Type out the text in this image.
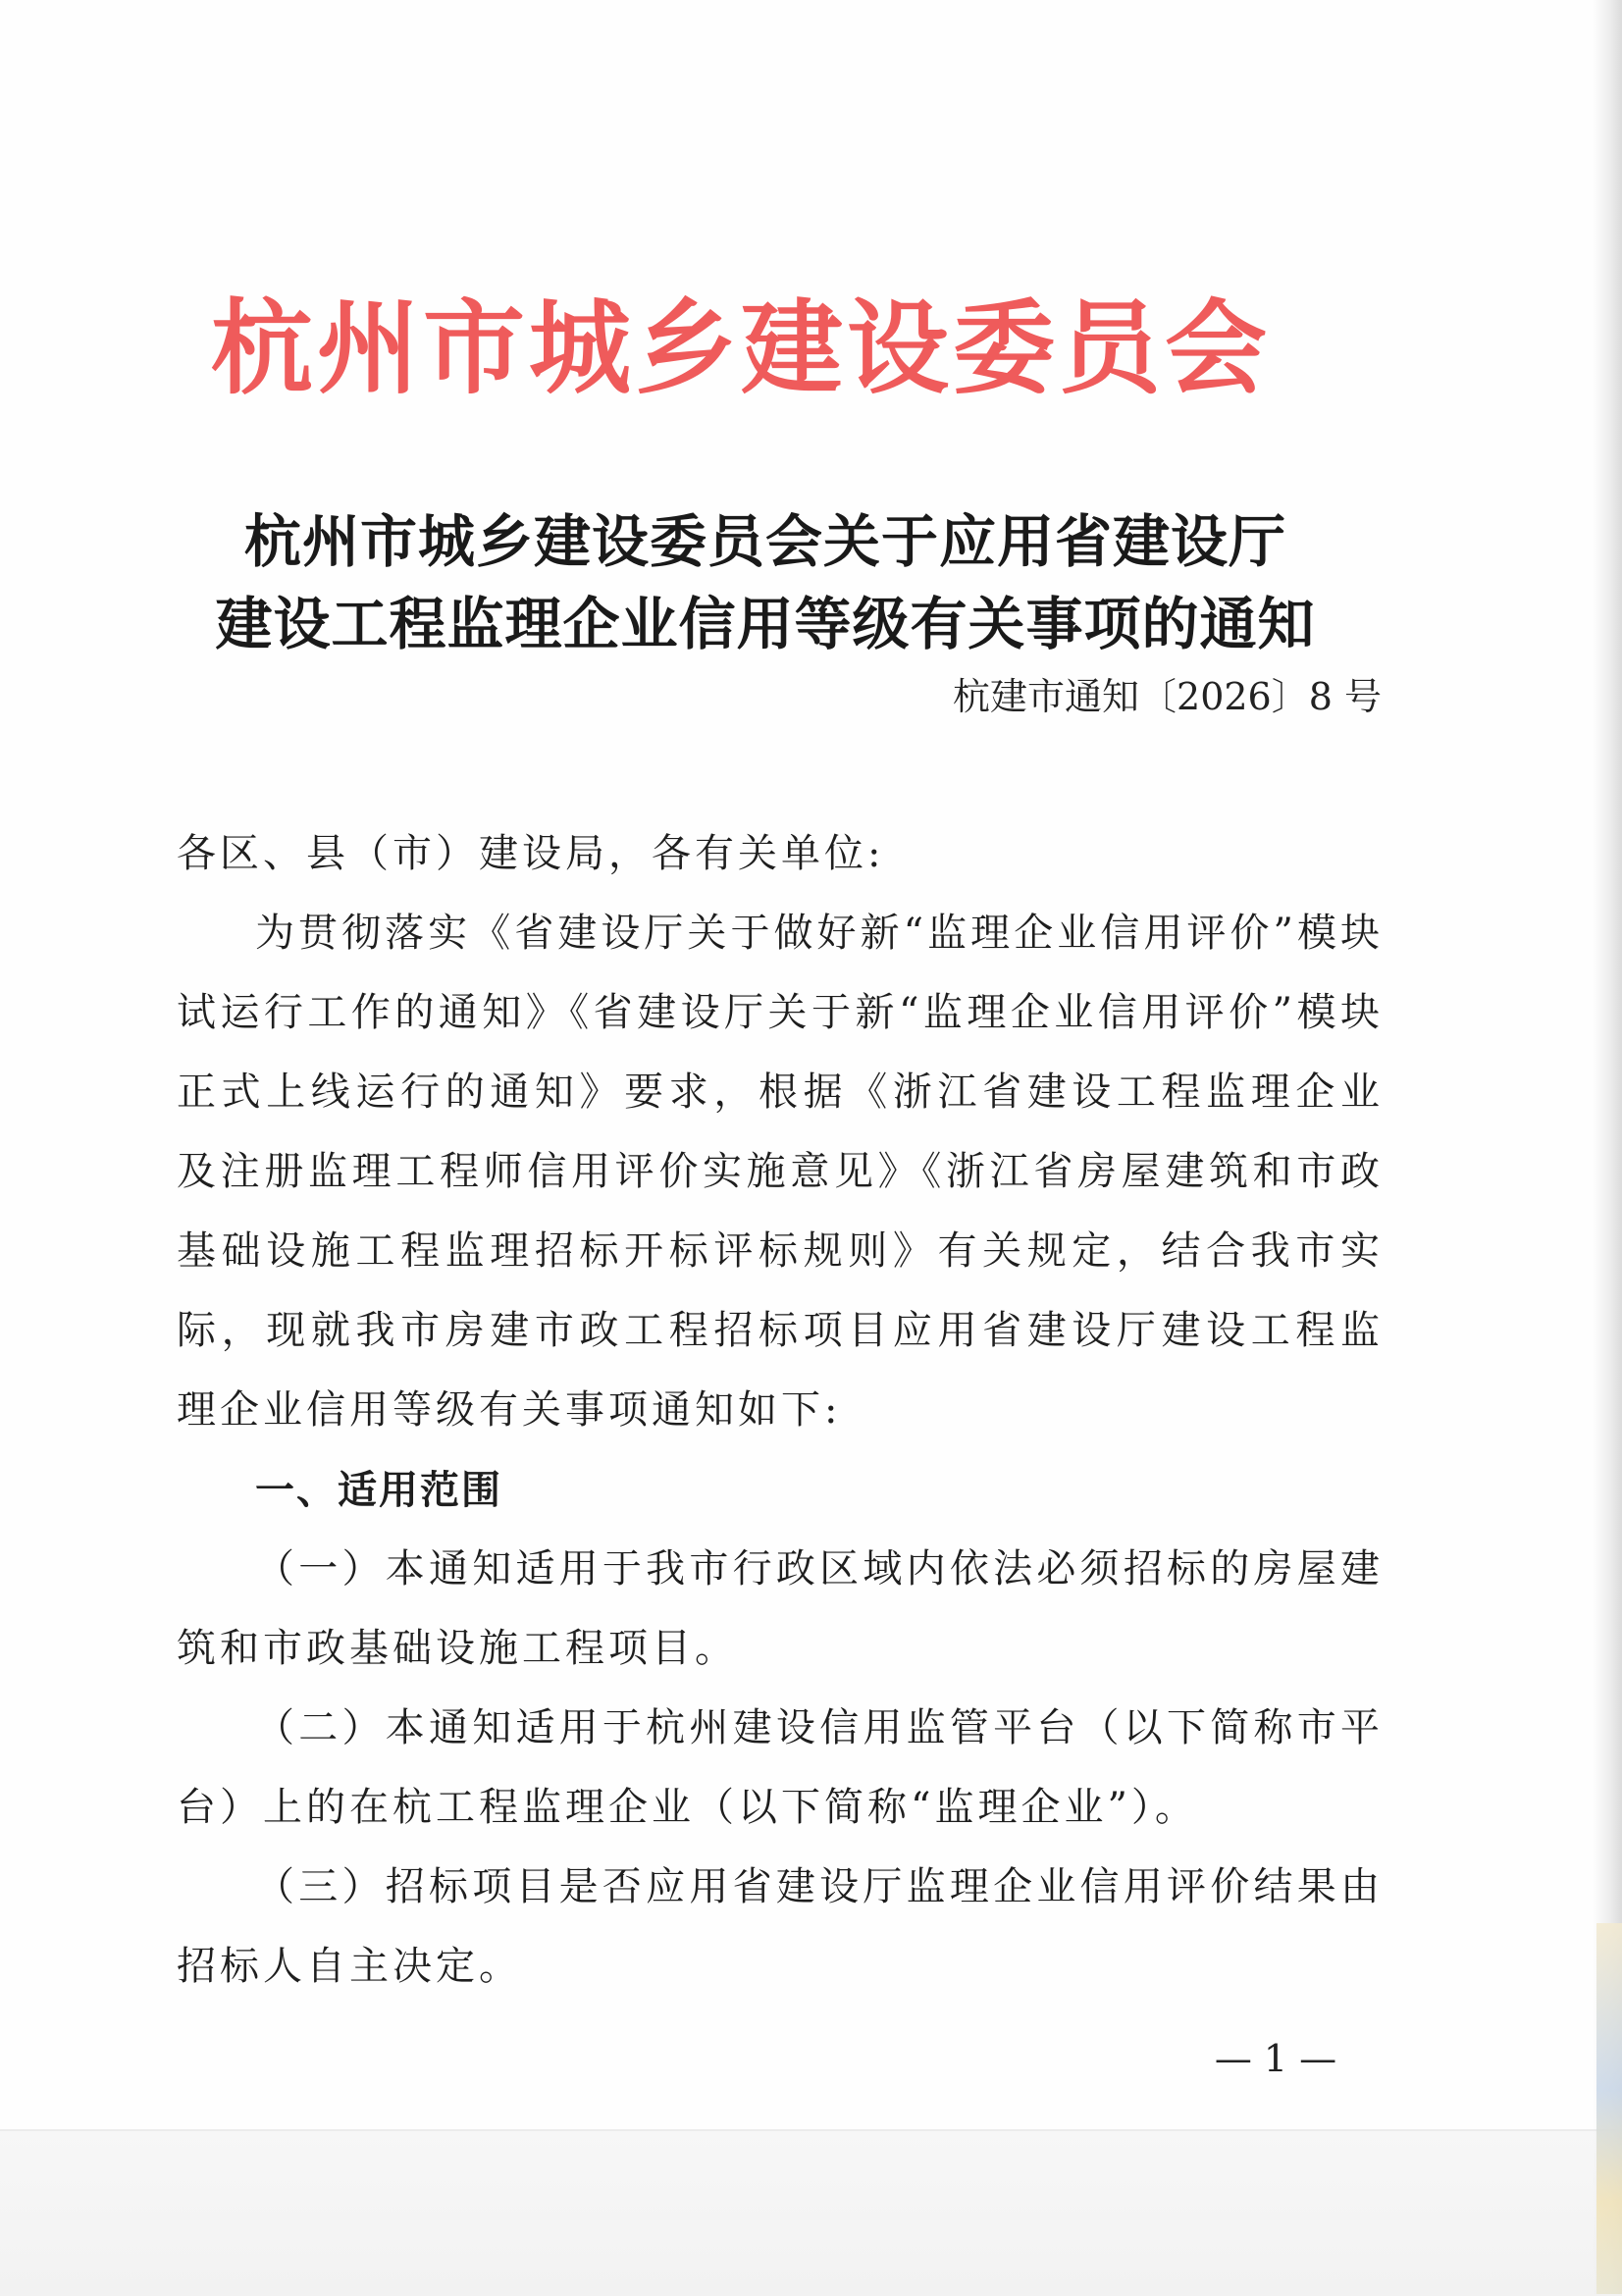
杭州市城乡建设委员会
杭州市城乡建设委员会关于应用省建设厅
建设工程监理企业信用等级有关事项的通知
杭建市通知〔2026〕8 号

各区、县（市）建设局，各有关单位:

为贯彻落实《省建设厅关于做好新“监理企业信用评价”模块试运行工作的通知》《省建设厅关于新“监理企业信用评价”模块正式上线运行的通知》要求，根据《浙江省建设工程监理企业及注册监理工程师信用评价实施意见》《浙江省房屋建筑和市政基础设施工程监理招标开标评标规则》有关规定，结合我市实际，现就我市房建市政工程招标项目应用省建设厅建设工程监理企业信用等级有关事项通知如下:

一、适用范围

（一）本通知适用于我市行政区域内依法必须招标的房屋建筑和市政基础设施工程项目。

（二）本通知适用于杭州建设信用监管平台（以下简称市平台）上的在杭工程监理企业（以下简称“监理企业”）。

（三）招标项目是否应用省建设厅监理企业信用评价结果由招标人自主决定。

— 1 —
